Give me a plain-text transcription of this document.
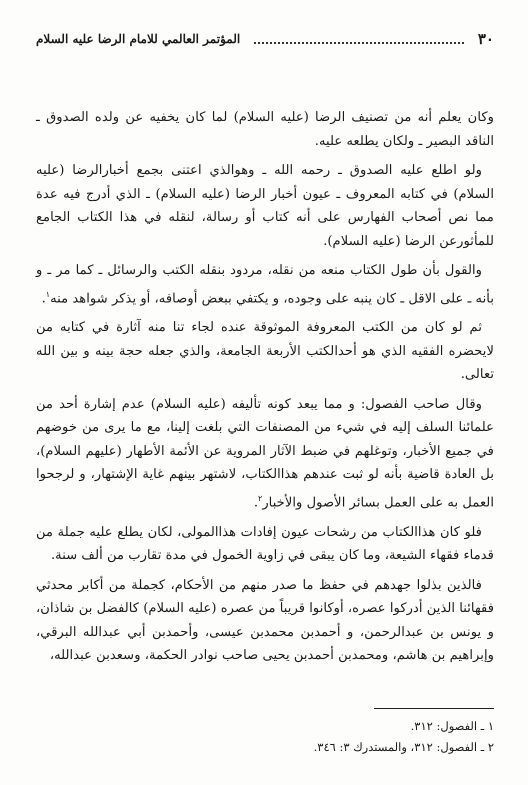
٣٠
المؤتمر العالمي للامام الرضا عليه السلام

وكان يعلم أنه من تصنيف الرضا (عليه السلام) لما كان يخفيه عن ولده الصدوق ـ الناقد البصير ـ ولكان يطلعه عليه.

ولو اطلع عليه الصدوق ـ رحمه الله ـ وهوالذي اعتنى بجمع أخبارالرضا (عليه السلام) في كتابه المعروف ـ عيون أخبار الرضا (عليه السلام) ـ الذي أدرج فيه عدة مما نص أصحاب الفهارس على أنه كتاب أو رسالة، لنقله في هذا الكتاب الجامع للمأثورعن الرضا (عليه السلام).

والقول بأن طول الكتاب منعه من نقله، مردود بنقله الكتب والرسائل ـ كما مر ـ و بأنه ـ على الاقل ـ كان ينبه على وجوده، و يكتفي ببعض أوصافه، أو يذكر شواهد منه$^١$.

ثم لو كان من الكتب المعروفة الموثوقة عنده لجاء تنا منه آثارة في كتابه من لايحضره الفقيه الذي هو أحدالكتب الأربعة الجامعة، والذي جعله حجة بينه و بين الله تعالى.

وقال صاحب الفصول: و مما يبعد كونه تأليفه (عليه السلام) عدم إشارة أحد من علمائنا السلف إليه في شيء من المصنفات التي بلغت إلينا، مع ما يرى من خوضهم في جميع الأخبار، وتوغلهم في ضبط الآثار المروية عن الأئمة الأطهار (عليهم السلام)، بل العادة قاضية بأنه لو ثبت عندهم هذاالكتاب، لاشتهر بينهم غاية الإشتهار، و لرجحوا العمل به على العمل بسائر الأصول والأخبار$^٢$.

فلو كان هذاالكتاب من رشحات عيون إفادات هذاالمولى، لكان يطلع عليه جملة من قدماء فقهاء الشيعة، وما كان يبقى في زاوية الخمول في مدة تقارب من ألف سنة.

فالذين بذلوا جهدهم في حفظ ما صدر منهم من الأحكام، كجملة من أكابر محدثي فقهائنا الذين أدركوا عصره، أوكانوا قريباً من عصره (عليه السلام) كالفضل بن شاذان، و يونس بن عبدالرحمن، و أحمدبن محمدبن عيسى، وأحمدبن أبي عبدالله البرقي، وإبراهيم بن هاشم، ومحمدبن أحمدبن يحيى صاحب نوادر الحكمة، وسعدبن عبدالله،

١ ـ الفصول: ٣١٢.
٢ ـ الفصول: ٣١٢، والمستدرك ٣: ٣٤٦.
